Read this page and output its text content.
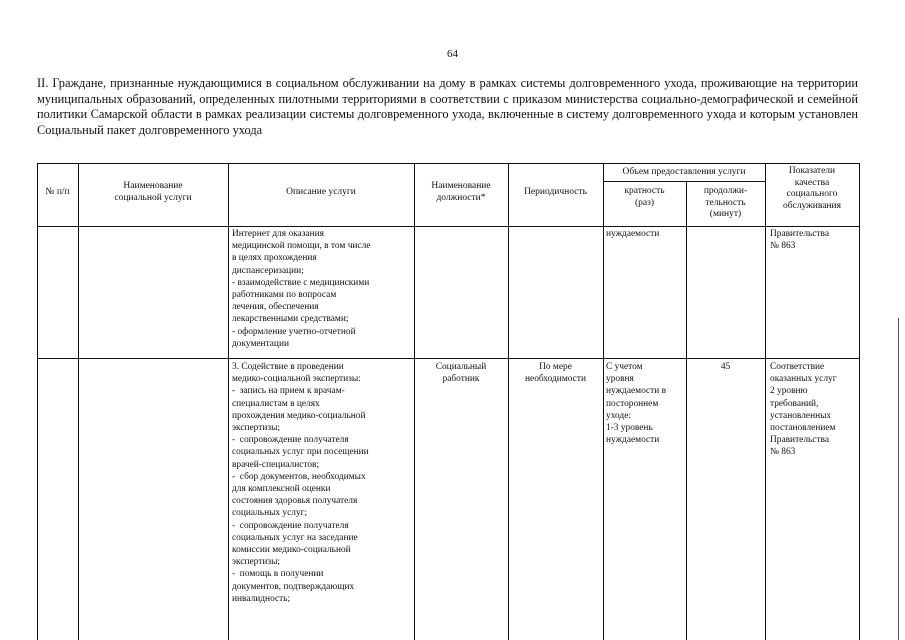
64
II. Граждане, признанные нуждающимися в социальном обслуживании на дому в рамках системы долговременного ухода, проживающие на территории муниципальных образований, определенных пилотными территориями в соответствии с приказом министерства социально-демографической и семейной политики Самарской области в рамках реализации системы долговременного ухода, включенные в систему долговременного ухода и которым установлен Социальный пакет долговременного ухода
№ п/п
Наименование
социальной услуги
Описание услуги
Наименование
должности*
Периодичность
Объем предоставления услуги
кратность
(раз)
продолжи-
тельность
(минут)
Показатели
качества
социального
обслуживания
Интернет для оказания
медицинской помощи, в том числе
в целях прохождения
диспансеризации;
- взаимодействие с медицинскими
работниками по вопросам
лечения, обеспечения
лекарственными средствами;
- оформление учетно-отчетной
документации
нуждаемости	Правительства
№ 863
3. Содействие в проведении
медико-социальной экспертизы:
-  запись на прием к врачам-
специалистам в целях
прохождения медико-социальной
экспертизы;
-  сопровождение получателя
социальных услуг при посещении
врачей-специалистов;
-  сбор документов, необходимых
для комплексной оценки
состояния здоровья получателя
социальных услуг;
-  сопровождение получателя
социальных услуг на заседание
комиссии медико-социальной
экспертизы;
-  помощь в получении
документов, подтверждающих
инвалидность;
Социальный
работник
По мере
необходимости
С учетом
уровня
нуждаемости в
постороннем
уходе:
1-3 уровень
нуждаемости
45	Соответствие
оказанных услуг
2 уровню
требований,
установленных
постановлением
Правительства
№ 863
